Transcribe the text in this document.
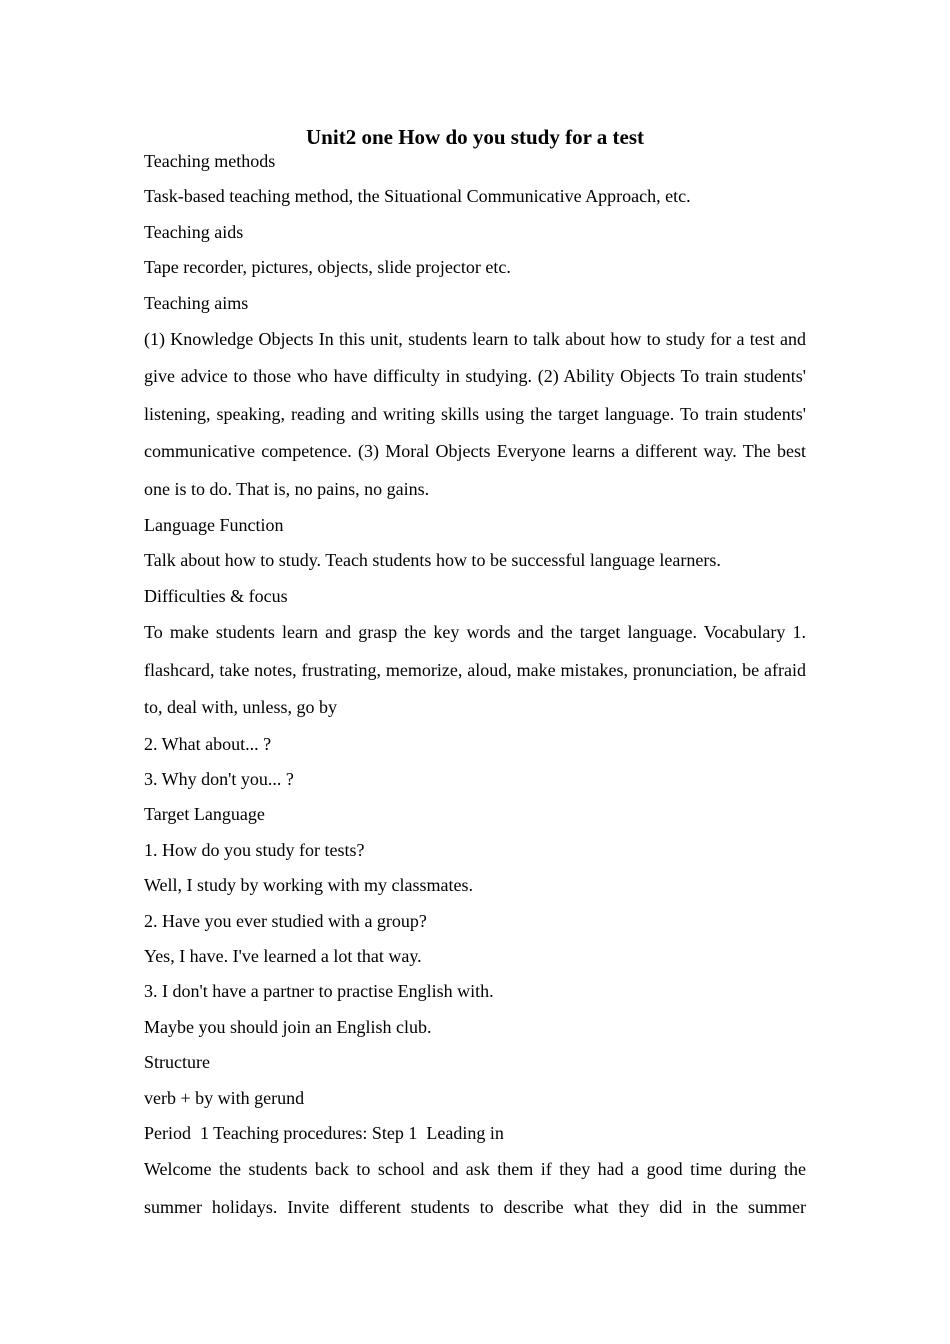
Unit2 one How do you study for a test

Teaching methods

Task-based teaching method, the Situational Communicative Approach, etc.

Teaching aids

Tape recorder, pictures, objects, slide projector etc.

Teaching aims

(1) Knowledge Objects In this unit, students learn to talk about how to study for a test and give advice to those who have difficulty in studying. (2) Ability Objects To train students' listening, speaking, reading and writing skills using the target language. To train students' communicative competence. (3) Moral Objects Everyone learns a different way. The best one is to do. That is, no pains, no gains.

Language Function

Talk about how to study. Teach students how to be successful language learners.

Difficulties & focus

To make students learn and grasp the key words and the target language. Vocabulary 1. flashcard, take notes, frustrating, memorize, aloud, make mistakes, pronunciation, be afraid to, deal with, unless, go by

2. What about... ?

3. Why don't you... ?

Target Language

1. How do you study for tests?

Well, I study by working with my classmates.

2. Have you ever studied with a group?

Yes, I have. I've learned a lot that way.

3. I don't have a partner to practise English with.

Maybe you should join an English club.

Structure

verb + by with gerund

Period  1 Teaching procedures: Step 1  Leading in

Welcome the students back to school and ask them if they had a good time during the summer holidays. Invite different students to describe what they did in the summer
